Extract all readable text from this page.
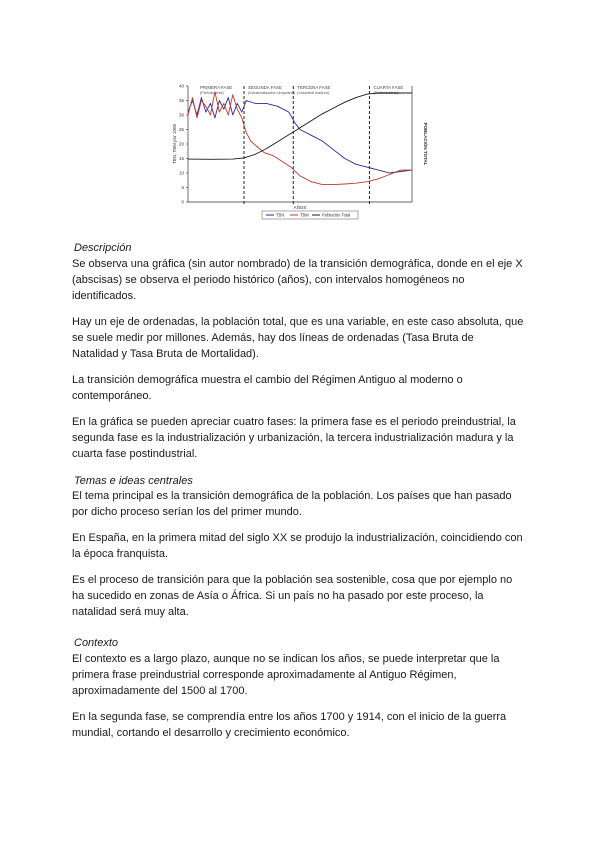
PRIMERA FASE
(Preindustrial)
SEGUNDA FASE
(Industrialización temprana)
TERCERA FASE
(Industrial madura)
CUARTA FASE
(Postindustrial)
40
35
30
25
20
15
10
5
0
TBN, TBM por 1000	POBLACIÓN TOTAL
AÑOS
TBN	TBM	Población Total

Descripción

Se observa una gráfica (sin autor nombrado) de la transición demográfica, donde en el eje X
(abscisas) se observa el periodo histórico (años), con intervalos homogéneos no
identificados.

Hay un eje de ordenadas, la población total, que es una variable, en este caso absoluta, que
se suele medir por millones. Además, hay dos líneas de ordenadas (Tasa Bruta de
Natalidad y Tasa Bruta de Mortalidad).

La transición demográfica muestra el cambio del Régimen Antiguo al moderno o
contemporáneo.

En la gráfica se pueden apreciar cuatro fases: la primera fase es el periodo preindustrial, la
segunda fase es la industrialización y urbanización, la tercera industrialización madura y la
cuarta fase postindustrial.

Temas e ideas centrales

El tema principal es la transición demográfica de la población. Los países que han pasado
por dicho proceso serían los del primer mundo.

En España, en la primera mitad del siglo XX se produjo la industrialización, coincidiendo con
la época franquista.

Es el proceso de transición para que la población sea sostenible, cosa que por ejemplo no
ha sucedido en zonas de Asía o África. Si un país no ha pasado por este proceso, la
natalidad será muy alta.

Contexto

El contexto es a largo plazo, aunque no se indican los años, se puede interpretar que la
primera frase preindustrial corresponde aproximadamente al Antiguo Régimen,
aproximadamente del 1500 al 1700.

En la segunda fase, se comprendía entre los años 1700 y 1914, con el inicio de la guerra
mundial, cortando el desarrollo y crecimiento económico.
